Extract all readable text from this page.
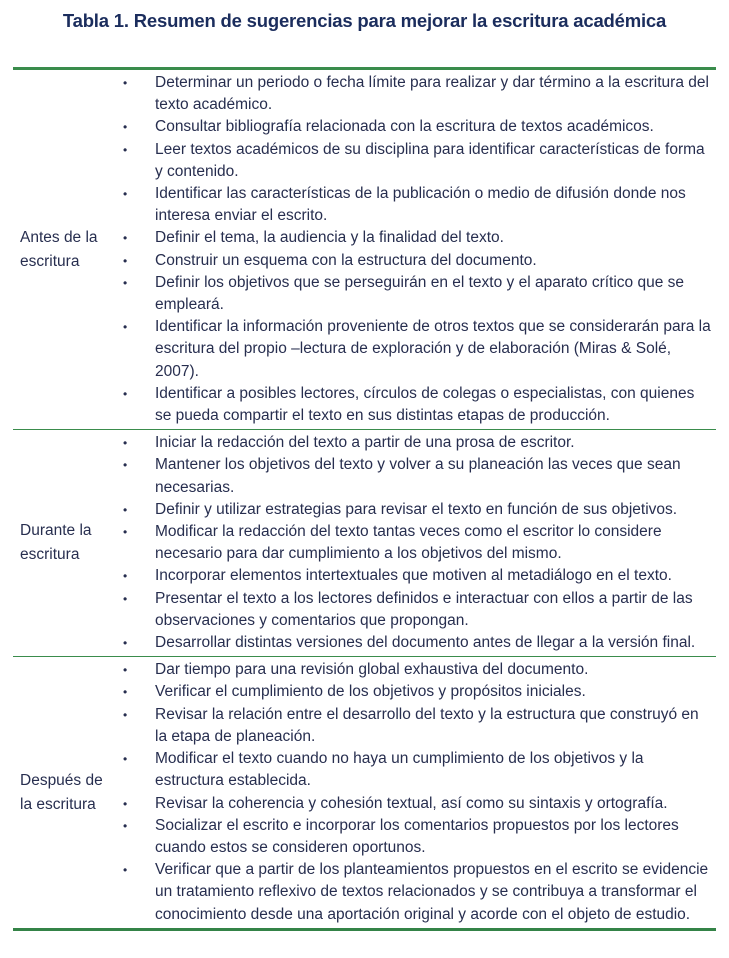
Tabla 1. Resumen de sugerencias para mejorar la escritura académica
Antes de la escritura
•	Determinar un periodo o fecha límite para realizar y dar término a la escritura del texto académico.
•	Consultar bibliografía relacionada con la escritura de textos académicos.
•	Leer textos académicos de su disciplina para identificar características de forma y contenido.
•	Identificar las características de la publicación o medio de difusión donde nos interesa enviar el escrito.
•	Definir el tema, la audiencia y la finalidad del texto.
•	Construir un esquema con la estructura del documento.
•	Definir los objetivos que se perseguirán en el texto y el aparato crítico que se empleará.
•	Identificar la información proveniente de otros textos que se considerarán para la escritura del propio –lectura de exploración y de elaboración (Miras & Solé, 2007).
•	Identificar a posibles lectores, círculos de colegas o especialistas, con quienes se pueda compartir el texto en sus distintas etapas de producción.
Durante la escritura
•	Iniciar la redacción del texto a partir de una prosa de escritor.
•	Mantener los objetivos del texto y volver a su planeación las veces que sean necesarias.
•	Definir y utilizar estrategias para revisar el texto en función de sus objetivos.
•	Modificar la redacción del texto tantas veces como el escritor lo considere necesario para dar cumplimiento a los objetivos del mismo.
•	Incorporar elementos intertextuales que motiven al metadiálogo en el texto.
•	Presentar el texto a los lectores definidos e interactuar con ellos a partir de las observaciones y comentarios que propongan.
•	Desarrollar distintas versiones del documento antes de llegar a la versión final.
Después de la escritura
•	Dar tiempo para una revisión global exhaustiva del documento.
•	Verificar el cumplimiento de los objetivos y propósitos iniciales.
•	Revisar la relación entre el desarrollo del texto y la estructura que construyó en la etapa de planeación.
•	Modificar el texto cuando no haya un cumplimiento de los objetivos y la estructura establecida.
•	Revisar la coherencia y cohesión textual, así como su sintaxis y ortografía.
•	Socializar el escrito e incorporar los comentarios propuestos por los lectores cuando estos se consideren oportunos.
•	Verificar que a partir de los planteamientos propuestos en el escrito se evidencie un tratamiento reflexivo de textos relacionados y se contribuya a transformar el conocimiento desde una aportación original y acorde con el objeto de estudio.
